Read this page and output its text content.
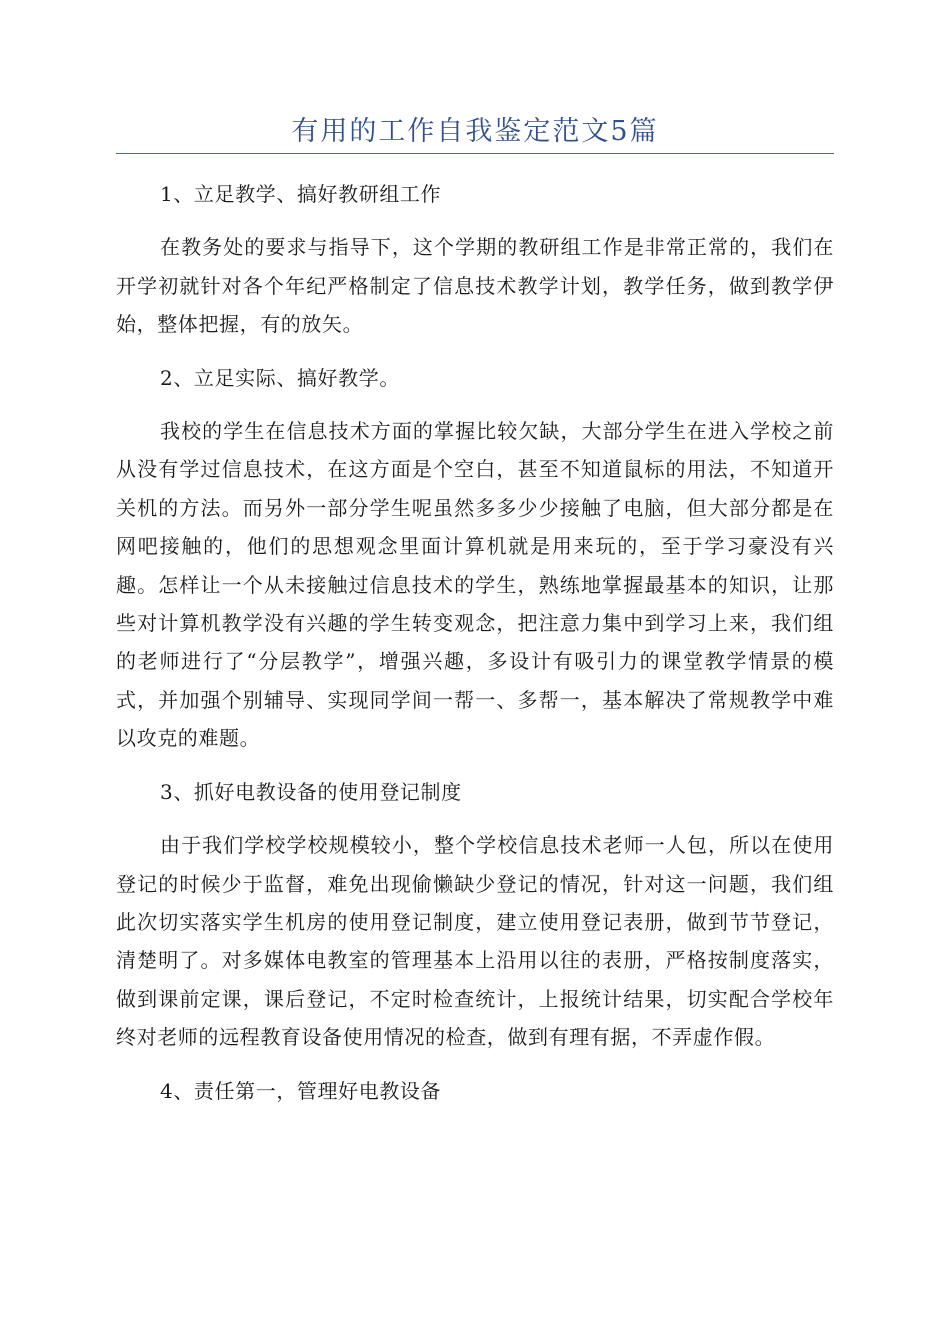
有用的工作自我鉴定范文5篇

1、立足教学、搞好教研组工作

在教务处的要求与指导下，这个学期的教研组工作是非常正常的，我们在开学初就针对各个年纪严格制定了信息技术教学计划，教学任务，做到教学伊始，整体把握，有的放矢。

2、立足实际、搞好教学。

我校的学生在信息技术方面的掌握比较欠缺，大部分学生在进入学校之前从没有学过信息技术，在这方面是个空白，甚至不知道鼠标的用法，不知道开关机的方法。而另外一部分学生呢虽然多多少少接触了电脑，但大部分都是在网吧接触的，他们的思想观念里面计算机就是用来玩的，至于学习豪没有兴趣。怎样让一个从未接触过信息技术的学生，熟练地掌握最基本的知识，让那些对计算机教学没有兴趣的学生转变观念，把注意力集中到学习上来，我们组的老师进行了“分层教学”，增强兴趣，多设计有吸引力的课堂教学情景的模式，并加强个别辅导、实现同学间一帮一、多帮一，基本解决了常规教学中难以攻克的难题。

3、抓好电教设备的使用登记制度

由于我们学校学校规模较小，整个学校信息技术老师一人包，所以在使用登记的时候少于监督，难免出现偷懒缺少登记的情况，针对这一问题，我们组此次切实落实学生机房的使用登记制度，建立使用登记表册，做到节节登记，清楚明了。对多媒体电教室的管理基本上沿用以往的表册，严格按制度落实，做到课前定课，课后登记，不定时检查统计，上报统计结果，切实配合学校年终对老师的远程教育设备使用情况的检查，做到有理有据，不弄虚作假。

4、责任第一，管理好电教设备
